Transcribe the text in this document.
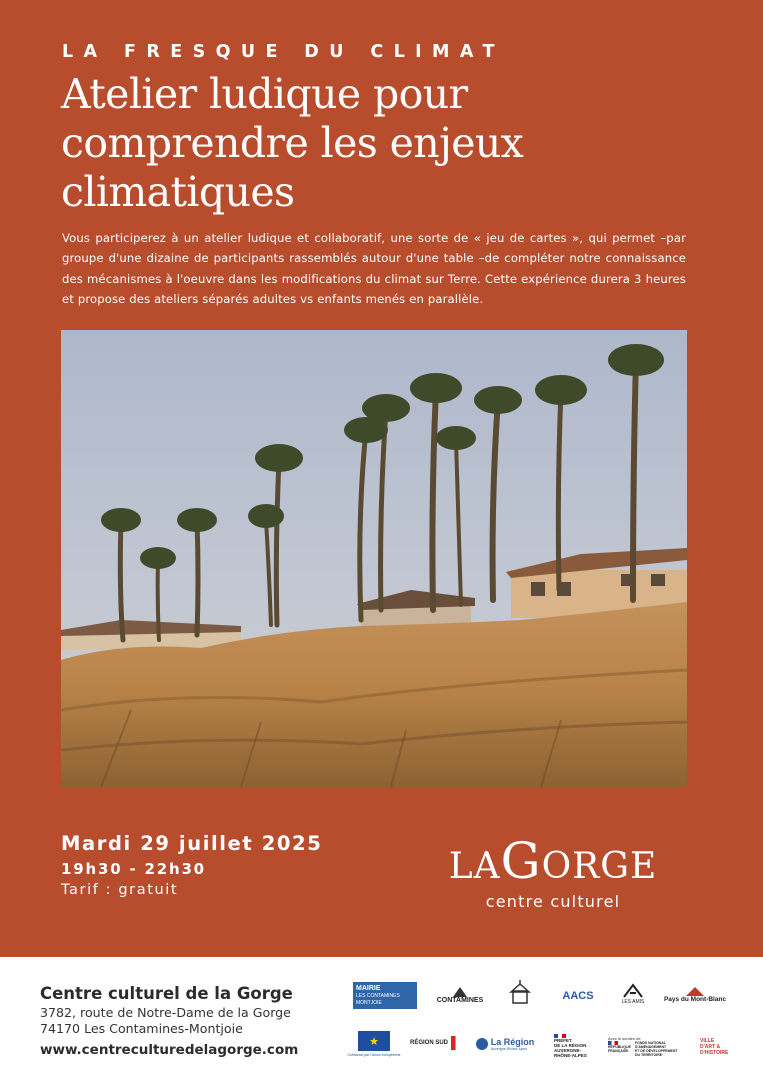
LA FRESQUE DU CLIMAT
Atelier ludique pour
comprendre les enjeux
climatiques

Vous participerez à un atelier ludique et collaboratif, une sorte de « jeu de cartes », qui permet –par groupe d'une dizaine de participants rassemblés autour d'une table –de compléter notre connaissance des mécanismes à l'oeuvre dans les modifications du climat sur Terre. Cette expérience durera 3 heures et propose des ateliers séparés adultes vs enfants menés en parallèle.

Mardi 29 juillet 2025
19h30 - 22h30
Tarif : gratuit
LA G ORGE
centre culturel
Centre culturel de la Gorge
3782, route de Notre-Dame de la Gorge
74170 Les Contamines-Montjoie
www.centreculturedelagorge.com
MAIRIE
LES CONTAMINES
MONTJOIE	CONTAMINES	AACS	LES AMIS	Pays du Mont-Blanc
★
Cofinancé par l'Union européenne
RÉGION SUD	La Région
Auvergne-Rhône-Alpes
PRÉFET
DE LA RÉGION
AUVERGNE-
RHÔNE-ALPES
Avec le soutien de
RÉPUBLIQUE
FRANÇAISE
FONDS NATIONAL
D'AMÉNAGEMENT
ET DE DÉVELOPPEMENT
DU TERRITOIRE
VILLE
D'ART &
D'HISTOIRE
